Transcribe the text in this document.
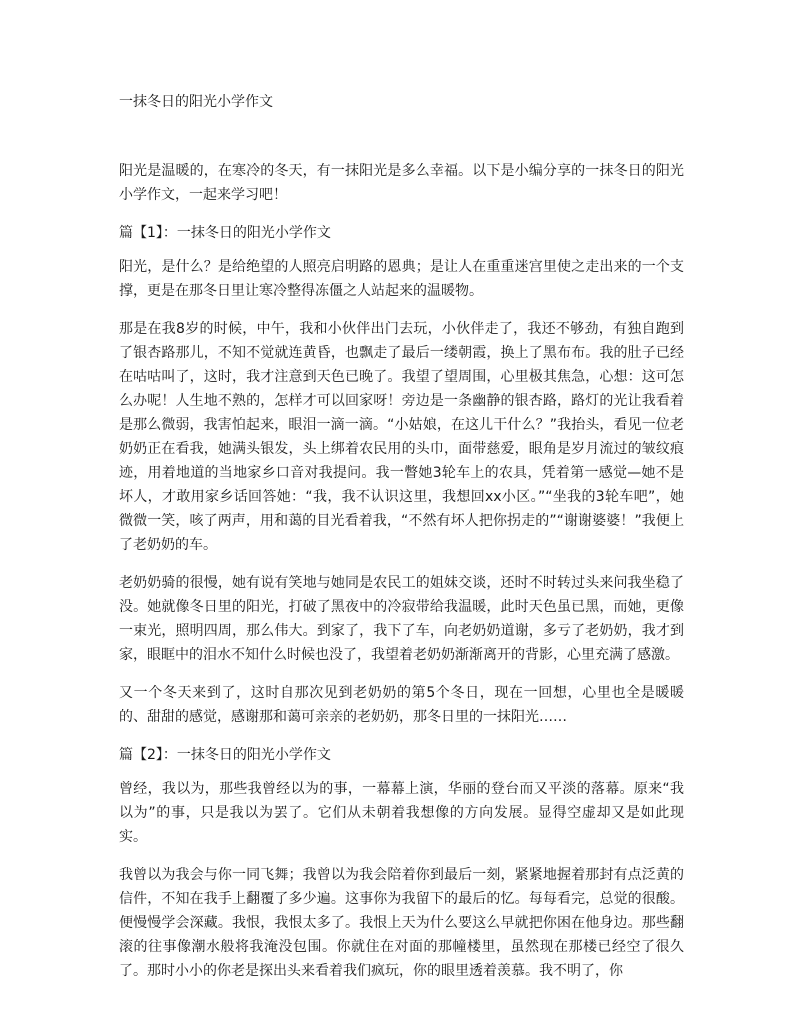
一抹冬日的阳光小学作文

阳光是温暖的，在寒冷的冬天，有一抹阳光是多么幸福。以下是小编分享的一抹冬日的阳光小学作文，一起来学习吧！

篇【1】：一抹冬日的阳光小学作文

阳光，是什么？是给绝望的人照亮启明路的恩典；是让人在重重迷宫里使之走出来的一个支撑，更是在那冬日里让寒冷整得冻僵之人站起来的温暖物。

那是在我8岁的时候，中午，我和小伙伴出门去玩，小伙伴走了，我还不够劲，有独自跑到了银杏路那儿，不知不觉就连黄昏，也飘走了最后一缕朝霞，换上了黑布布。我的肚子已经在咕咕叫了，这时，我才注意到天色已晚了。我望了望周围，心里极其焦急，心想：这可怎么办呢！人生地不熟的，怎样才可以回家呀！旁边是一条幽静的银杏路，路灯的光让我看着是那么微弱，我害怕起来，眼泪一滴一滴。“小姑娘，在这儿干什么？”我抬头，看见一位老奶奶正在看我，她满头银发，头上绑着农民用的头巾，面带慈爱，眼角是岁月流过的皱纹痕迹，用着地道的当地家乡口音对我提问。我一瞥她3轮车上的农具，凭着第一感觉—她不是坏人，才敢用家乡话回答她：“我，我不认识这里，我想回xx小区。”“坐我的3轮车吧”，她微微一笑，咳了两声，用和蔼的目光看着我，“不然有坏人把你拐走的”“谢谢婆婆！”我便上了老奶奶的车。

老奶奶骑的很慢，她有说有笑地与她同是农民工的姐妹交谈，还时不时转过头来问我坐稳了没。她就像冬日里的阳光，打破了黑夜中的冷寂带给我温暖，此时天色虽已黑，而她，更像一束光，照明四周，那么伟大。到家了，我下了车，向老奶奶道谢，多亏了老奶奶，我才到家，眼眶中的泪水不知什么时候也没了，我望着老奶奶渐渐离开的背影，心里充满了感激。

又一个冬天来到了，这时自那次见到老奶奶的第5个冬日，现在一回想，心里也全是暖暖的、甜甜的感觉，感谢那和蔼可亲亲的老奶奶，那冬日里的一抹阳光……

篇【2】：一抹冬日的阳光小学作文

曾经，我以为，那些我曾经以为的事，一幕幕上演，华丽的登台而又平淡的落幕。原来“我以为”的事，只是我以为罢了。它们从未朝着我想像的方向发展。显得空虚却又是如此现实。

我曾以为我会与你一同飞舞；我曾以为我会陪着你到最后一刻，紧紧地握着那封有点泛黄的信件，不知在我手上翻覆了多少遍。这事你为我留下的最后的忆。每每看完，总觉的很酸。便慢慢学会深藏。我恨，我恨太多了。我恨上天为什么要这么早就把你困在他身边。那些翻滚的往事像潮水般将我淹没包围。你就住在对面的那幢楼里，虽然现在那楼已经空了很久了。那时小小的你老是探出头来看着我们疯玩，你的眼里透着羡慕。我不明了，你
